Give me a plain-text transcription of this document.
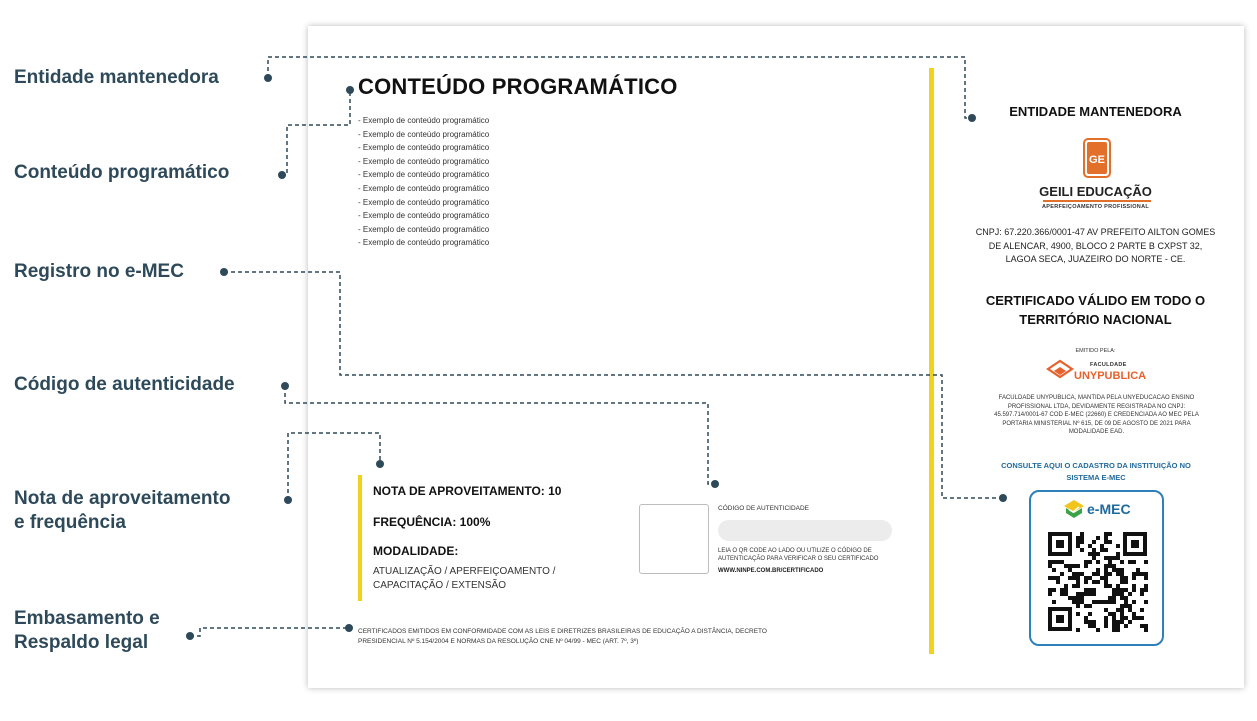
Entidade mantenedora
Conteúdo programático
Registro no e-MEC
Código de autenticidade
Nota de aproveitamento
e frequência
Embasamento e
Respaldo legal
CONTEÚDO PROGRAMÁTICO
- Exemplo de conteúdo programático
- Exemplo de conteúdo programático
- Exemplo de conteúdo programático
- Exemplo de conteúdo programático
- Exemplo de conteúdo programático
- Exemplo de conteúdo programático
- Exemplo de conteúdo programático
- Exemplo de conteúdo programático
- Exemplo de conteúdo programático
- Exemplo de conteúdo programático
NOTA DE APROVEITAMENTO: 10
FREQUÊNCIA: 100%
MODALIDADE:
ATUALIZAÇÃO / APERFEIÇOAMENTO / CAPACITAÇÃO / EXTENSÃO
CÓDIGO DE AUTENTICIDADE
LEIA O QR CODE AO LADO OU UTILIZE O CÓDIGO DE AUTENTICAÇÃO PARA VERIFICAR O SEU CERTIFICADO
WWW.NINPE.COM.BR/CERTIFICADO
CERTIFICADOS EMITIDOS EM CONFORMIDADE COM AS LEIS E DIRETRIZES BRASILEIRAS DE EDUCAÇÃO A DISTÂNCIA, DECRETO PRESIDENCIAL Nº 5.154/2004 E NORMAS DA RESOLUÇÃO CNE Nº 04/99 - MEC (ART. 7º, 3º)
ENTIDADE MANTENEDORA
GE
GEILI EDUCAÇÃO
APERFEIÇOAMENTO PROFISSIONAL
CNPJ: 67.220.366/0001-47 AV PREFEITO AILTON GOMES DE ALENCAR, 4900, BLOCO 2 PARTE B CXPST 32, LAGOA SECA, JUAZEIRO DO NORTE - CE.
CERTIFICADO VÁLIDO EM TODO O TERRITÓRIO NACIONAL
EMITIDO PELA:
FACULDADE
UNYPUBLICA
FACULDADE UNYPUBLICA, MANTIDA PELA UNYEDUCACAO ENSINO PROFISSIONAL LTDA, DEVIDAMENTE REGISTRADA NO CNPJ: 45.597.714/0001-67 COD E-MEC (22660) E CREDENCIADA AO MEC PELA PORTARIA MINISTERIAL Nº 615, DE 09 DE AGOSTO DE 2021 PARA MODALIDADE EAD.
CONSULTE AQUI O CADASTRO DA INSTITUIÇÃO NO SISTEMA E-MEC
e-MEC
